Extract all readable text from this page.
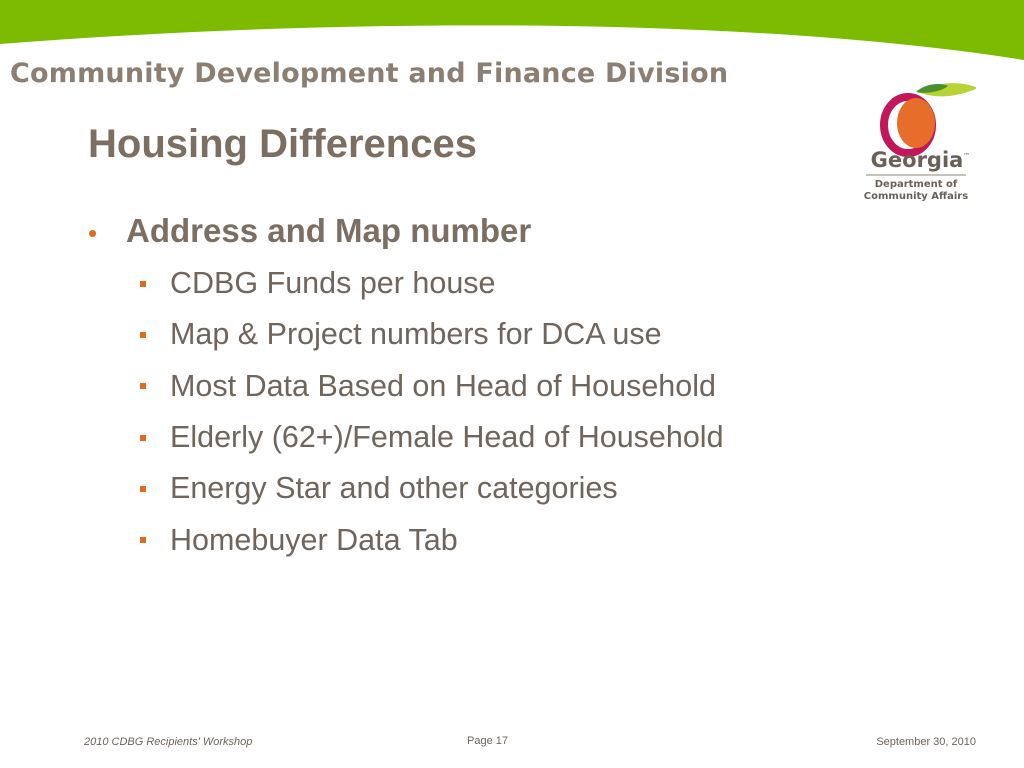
Community Development and Finance Division
Housing Differences	Georgia ™
Department of
Community Affairs
• Address and Map number
CDBG Funds per house
Map & Project numbers for DCA use
Most Data Based on Head of Household
Elderly (62+)/Female Head of Household
Energy Star and other categories
Homebuyer Data Tab
2010 CDBG Recipients' Workshop	Page 17	September 30, 2010
